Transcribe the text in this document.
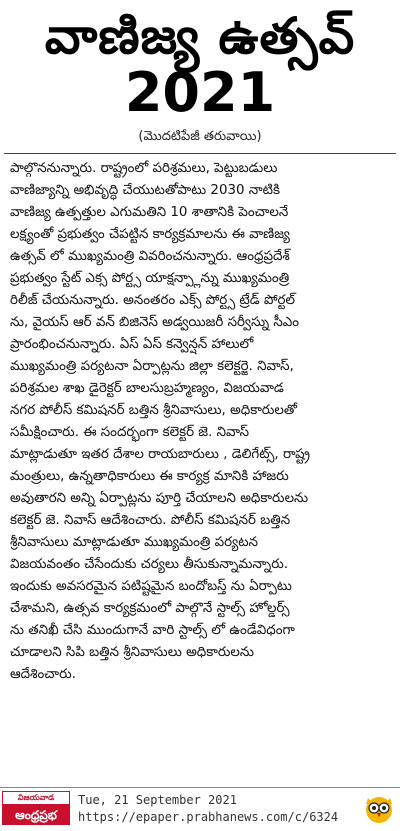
వాణిజ్య ఉత్సవ్
2021
(మొదటిపేజీ తరువాయి)
పాల్గొననున్నారు. రాష్ట్రంలో పరిశ్రమలు, పెట్టుబడులు
వాణిజ్యాన్ని అభివృద్ధి చేయుటతోపాటు 2030 నాటికి
వాణిజ్య ఉత్పత్తుల ఎగుమతిని 10 శాతానికి పెంచాలనే
లక్ష్యంతో ప్రభుత్వం చేపట్టిన కార్యక్రమాలను ఈ వాణిజ్య
ఉత్సవ్ లో ముఖ్యమంత్రి వివరించనున్నారు. ఆంధ్రప్రదేశ్
ప్రభుత్వం స్టేట్ ఎక్స పోర్ట్స యాక్షన్ప్లాన్ను ముఖ్యమంత్రి
రిలీజ్ చేయనున్నారు. అనంతరం ఎక్స్ పోర్ట్స ట్రేడ్ పోర్టల్
ను, వైయస్ ఆర్ వన్ బిజినెస్ అడ్వయిజరీ సర్వీస్ను సీఎం
ప్రారంభించనున్నారు. ఏస్ ఏస్ కన్వెన్షన్ హాలులో
ముఖ్యమంత్రి పర్యటనా ఏర్పాట్లను జిల్లా కలెక్టర్జె. నివాస్,
పరిశ్రమల శాఖ డైరెక్టర్ బాలసుబ్రహ్మణ్యం, విజయవాడ
నగర పోలీస్ కమిషనర్ బత్తిన శ్రీనివాసులు, అధికారులతో
సమీక్షించారు. ఈ సందర్భంగా కలెక్టర్ జె. నివాస్
మాట్లాడుతూ ఇతర దేశాల రాయబారులు , డెలిగేట్స్, రాష్ట్ర
మంత్రులు, ఉన్నతాధికారులు ఈ కార్యక్ర మానికి హాజరు
అవుతారని అన్ని ఏర్పాట్లను పూర్తి చేయాలని అధికారులను
కలెక్టర్ జె. నివాస్ ఆదేశించారు. పోలీస్ కమిషనర్ బత్తిన
శ్రీనివాసులు మాట్లాడుతూ ముఖ్యమంత్రి పర్యటన
విజయవంతం చేసేందుకు చర్యలు తీసుకున్నామన్నారు.
ఇందుకు అవసరమైన పటిష్టమైన బందోబస్త్ ను ఏర్పాటు
చేశామని, ఉత్సవ కార్యక్రమంలో పాల్గొనే స్టాల్స్ హోల్డర్స్
ను తనిఖీ చేసి ముందుగానే వారి స్టాల్స్ లో ఉండేవిధంగా
చూడాలని సిపి బత్తిన శ్రీనివాసులు అధికారులను
ఆదేశించారు.
విజయవాడ
ఆంధ్రప్రభ
Tue, 21 September 2021
https://epaper.prabhanews.com/c/6324
